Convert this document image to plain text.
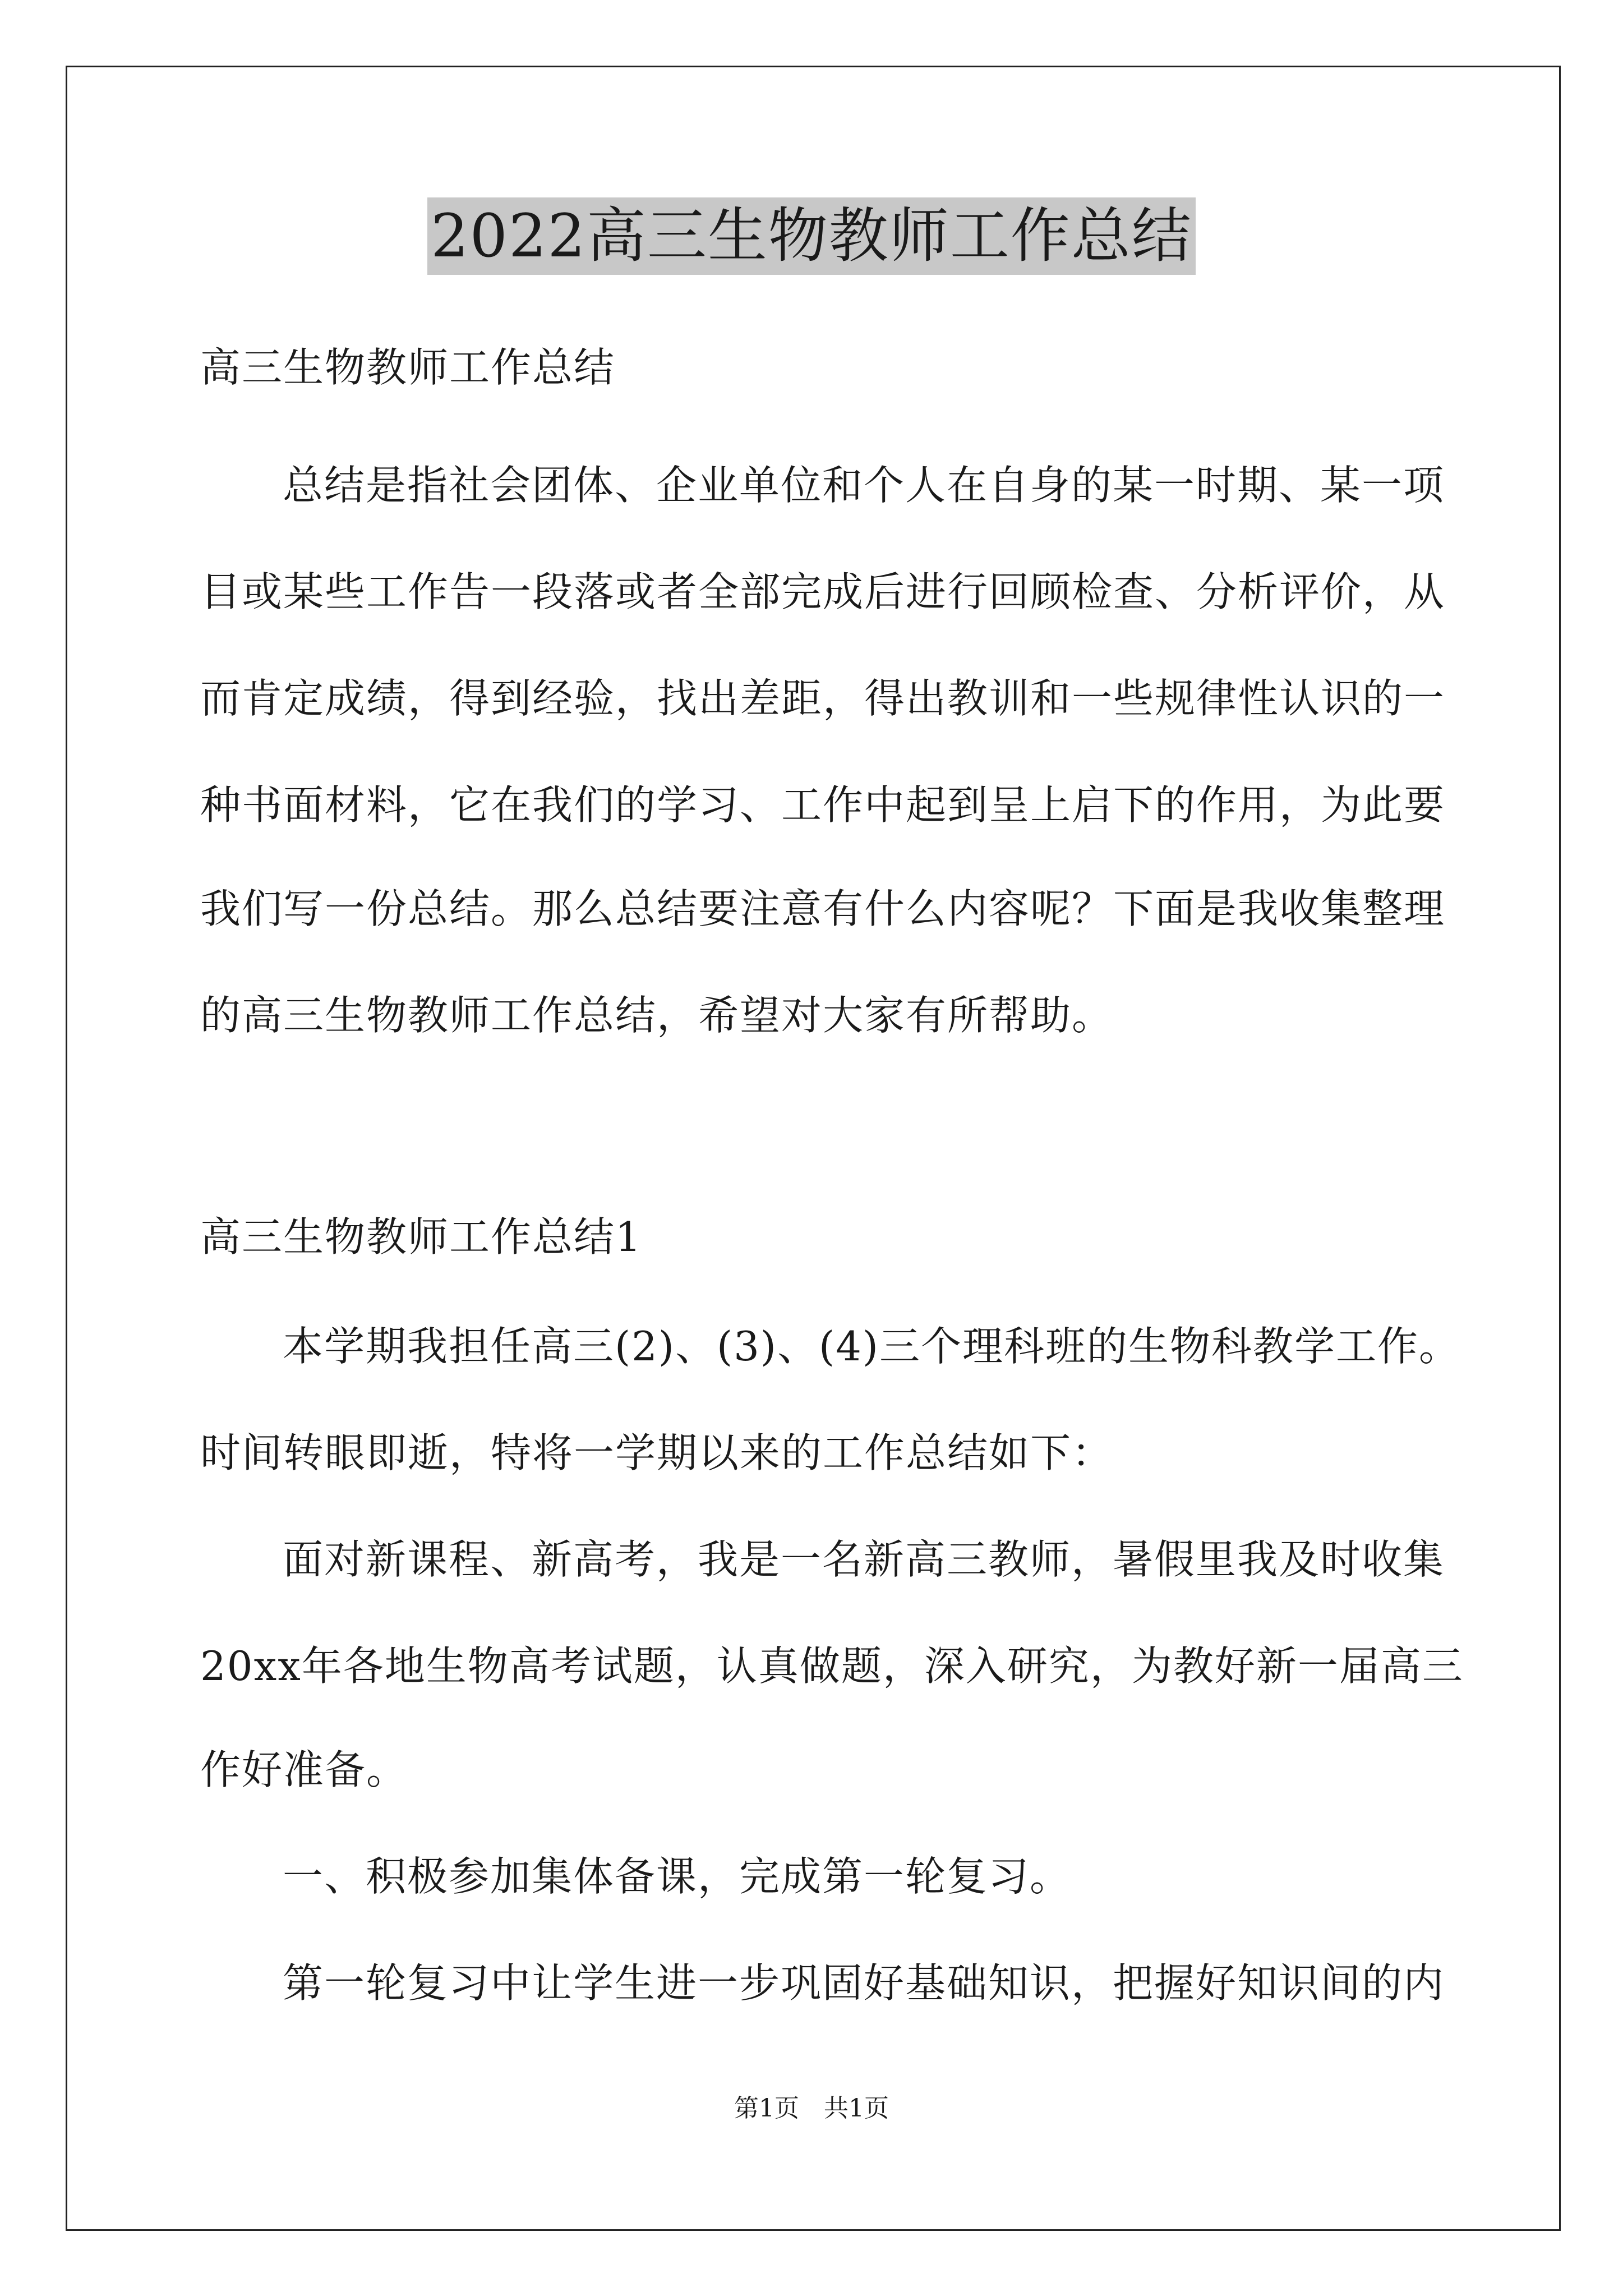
2022高三生物教师工作总结
高三生物教师工作总结
总结是指社会团体、企业单位和个人在自身的某一时期、某一项
目或某些工作告一段落或者全部完成后进行回顾检查、分析评价，从
而肯定成绩，得到经验，找出差距，得出教训和一些规律性认识的一
种书面材料，它在我们的学习、工作中起到呈上启下的作用，为此要
我们写一份总结。那么总结要注意有什么内容呢？下面是我收集整理
的高三生物教师工作总结，希望对大家有所帮助。
高三生物教师工作总结1
本学期我担任高三(2)、(3)、(4)三个理科班的生物科教学工作。
时间转眼即逝，特将一学期以来的工作总结如下：
面对新课程、新高考，我是一名新高三教师，暑假里我及时收集
20xx年各地生物高考试题，认真做题，深入研究，为教好新一届高三
作好准备。
一、积极参加集体备课，完成第一轮复习。
第一轮复习中让学生进一步巩固好基础知识，把握好知识间的内
第1页　共1页
